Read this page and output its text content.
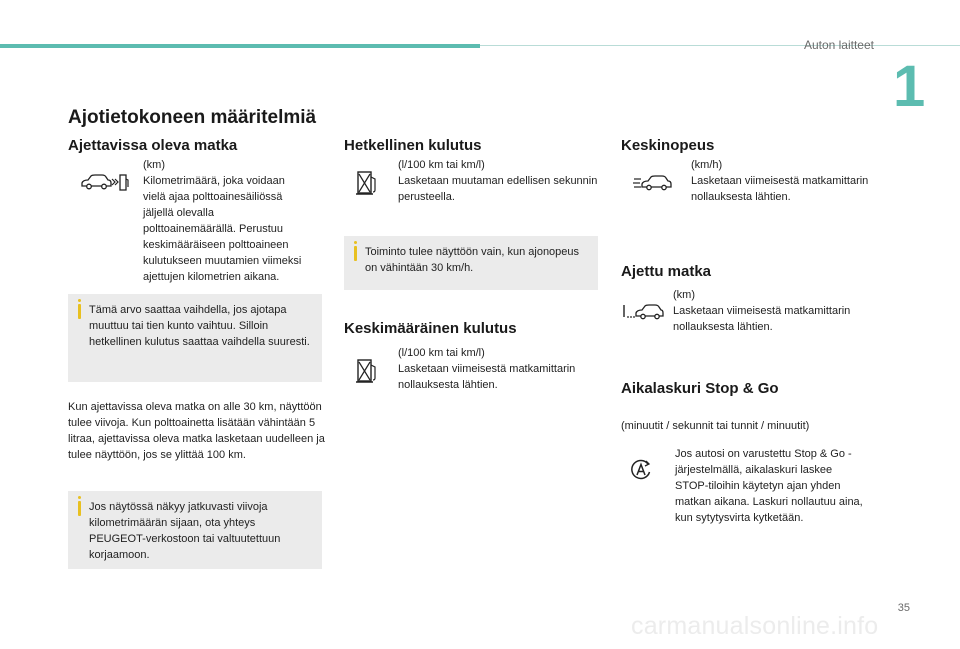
Auton laitteet
1
Ajotietokoneen määritelmiä
Ajettavissa oleva matka
(km)
Kilometrimäärä, joka voidaan vielä ajaa polttoainesäiliössä jäljellä olevalla polttoainemäärällä. Perustuu keskimääräiseen polttoaineen kulutukseen muutamien viimeksi ajettujen kilometrien aikana.
Tämä arvo saattaa vaihdella, jos ajotapa muuttuu tai tien kunto vaihtuu. Silloin hetkellinen kulutus saattaa vaihdella suuresti.
Kun ajettavissa oleva matka on alle 30 km, näyttöön tulee viivoja. Kun polttoainetta lisätään vähintään 5 litraa, ajettavissa oleva matka lasketaan uudelleen ja tulee näyttöön, jos se ylittää 100 km.
Jos näytössä näkyy jatkuvasti viivoja kilometrimäärän sijaan, ota yhteys PEUGEOT-verkostoon tai valtuutettuun korjaamoon.
Hetkellinen kulutus
(l/100 km tai km/l)
Lasketaan muutaman edellisen sekunnin perusteella.
Toiminto tulee näyttöön vain, kun ajonopeus on vähintään 30 km/h.
Keskimääräinen kulutus
(l/100 km tai km/l)
Lasketaan viimeisestä matkamittarin nollauksesta lähtien.
Keskinopeus
(km/h)
Lasketaan viimeisestä matkamittarin nollauksesta lähtien.
Ajettu matka
(km)
Lasketaan viimeisestä matkamittarin nollauksesta lähtien.
Aikalaskuri Stop & Go
(minuutit / sekunnit tai tunnit / minuutit)
Jos autosi on varustettu Stop & Go -järjestelmällä, aikalaskuri laskee STOP-tiloihin käytetyn ajan yhden matkan aikana. Laskuri nollautuu aina, kun sytytysvirta kytketään.
35
carmanualsonline.info
